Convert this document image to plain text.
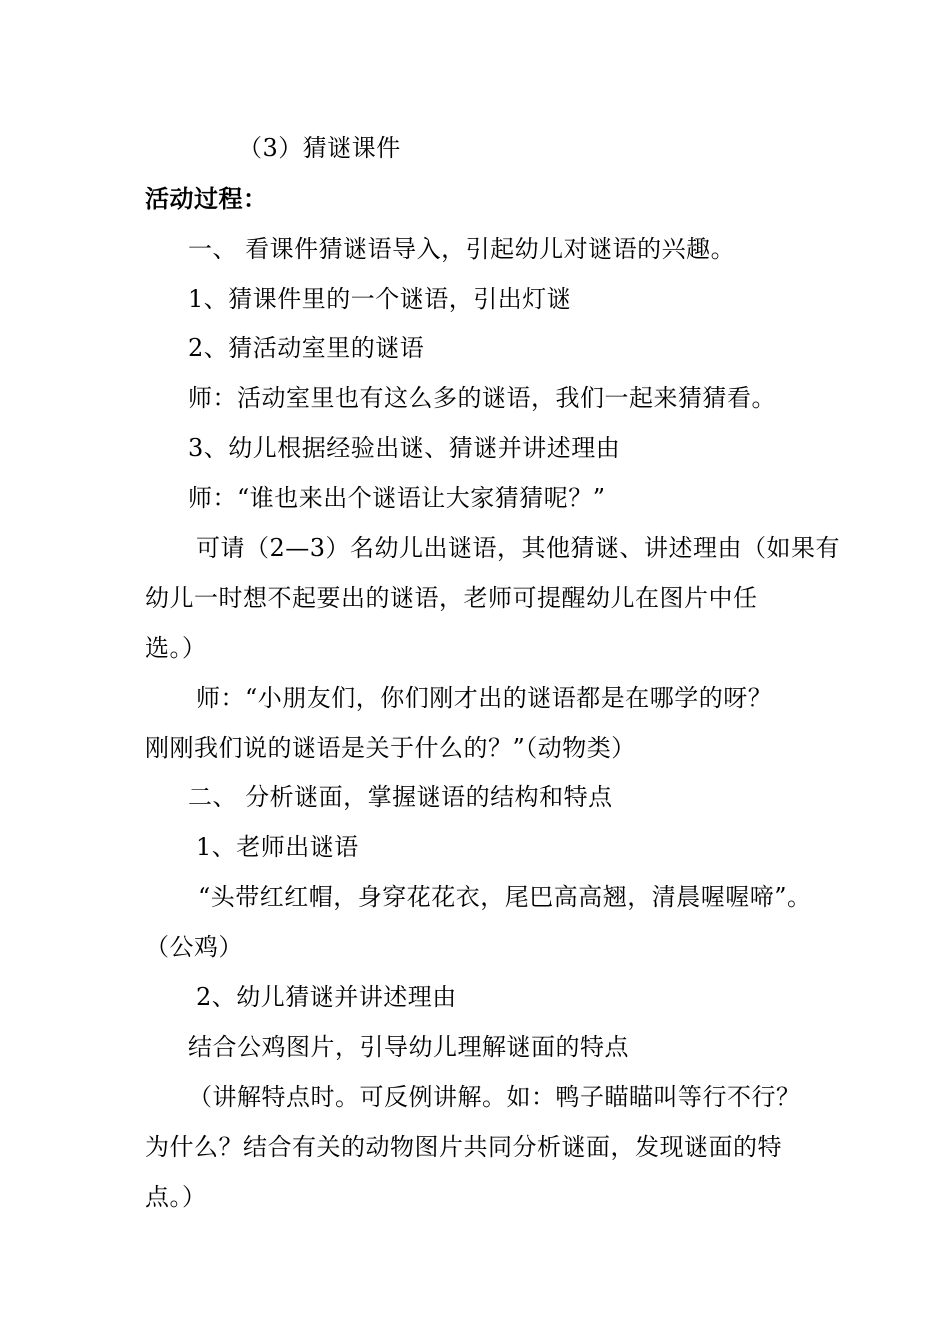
（3）猜谜课件
活动过程：
一、 看课件猜谜语导入，引起幼儿对谜语的兴趣。
1、猜课件里的一个谜语，引出灯谜
2、猜活动室里的谜语
师：活动室里也有这么多的谜语，我们一起来猜猜看。
3、幼儿根据经验出谜、猜谜并讲述理由
师：“谁也来出个谜语让大家猜猜呢？”
可请（2—3）名幼儿出谜语，其他猜谜、讲述理由（如果有
幼儿一时想不起要出的谜语，老师可提醒幼儿在图片中任
选。）
师：“小朋友们，你们刚才出的谜语都是在哪学的呀？
刚刚我们说的谜语是关于什么的？”（动物类）
二、 分析谜面，掌握谜语的结构和特点
1、老师出谜语
“头带红红帽，身穿花花衣，尾巴高高翘，清晨喔喔啼”。
（公鸡）
2、幼儿猜谜并讲述理由
结合公鸡图片，引导幼儿理解谜面的特点
（讲解特点时。可反例讲解。如：鸭子瞄瞄叫等行不行？
为什么？结合有关的动物图片共同分析谜面，发现谜面的特
点。）
